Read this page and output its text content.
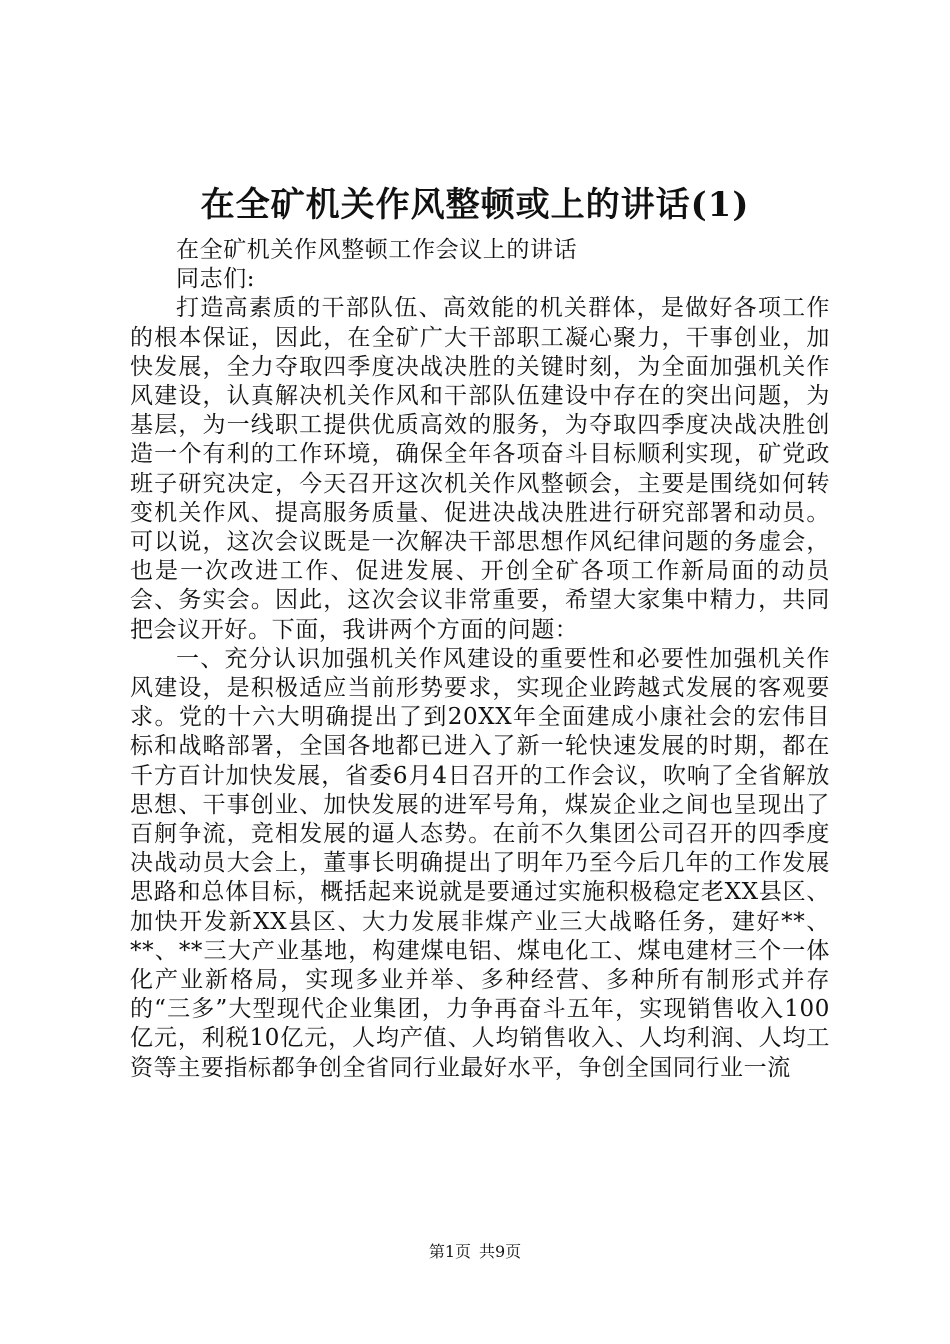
在全矿机关作风整顿或上的讲话(1)

在全矿机关作风整顿工作会议上的讲话

同志们:

打造高素质的干部队伍、高效能的机关群体，是做好各项工作的根本保证，因此，在全矿广大干部职工凝心聚力，干事创业，加快发展，全力夺取四季度决战决胜的关键时刻，为全面加强机关作风建设，认真解决机关作风和干部队伍建设中存在的突出问题，为基层，为一线职工提供优质高效的服务，为夺取四季度决战决胜创造一个有利的工作环境，确保全年各项奋斗目标顺利实现，矿党政班子研究决定，今天召开这次机关作风整顿会，主要是围绕如何转变机关作风、提高服务质量、促进决战决胜进行研究部署和动员。可以说，这次会议既是一次解决干部思想作风纪律问题的务虚会，也是一次改进工作、促进发展、开创全矿各项工作新局面的动员会、务实会。因此，这次会议非常重要，希望大家集中精力，共同把会议开好。下面，我讲两个方面的问题：

一、充分认识加强机关作风建设的重要性和必要性加强机关作风建设，是积极适应当前形势要求，实现企业跨越式发展的客观要求。党的十六大明确提出了到20XX年全面建成小康社会的宏伟目标和战略部署，全国各地都已进入了新一轮快速发展的时期，都在千方百计加快发展，省委6月4日召开的工作会议，吹响了全省解放思想、干事创业、加快发展的进军号角，煤炭企业之间也呈现出了百舸争流，竞相发展的逼人态势。在前不久集团公司召开的四季度决战动员大会上，董事长明确提出了明年乃至今后几年的工作发展思路和总体目标，概括起来说就是要通过实施积极稳定老XX县区、加快开发新XX县区、大力发展非煤产业三大战略任务，建好**、**、**三大产业基地，构建煤电铝、煤电化工、煤电建材三个一体化产业新格局，实现多业并举、多种经营、多种所有制形式并存的“三多”大型现代企业集团，力争再奋斗五年，实现销售收入100亿元，利税10亿元，人均产值、人均销售收入、人均利润、人均工资等主要指标都争创全省同行业最好水平，争创全国同行业一流

第1页 共9页
